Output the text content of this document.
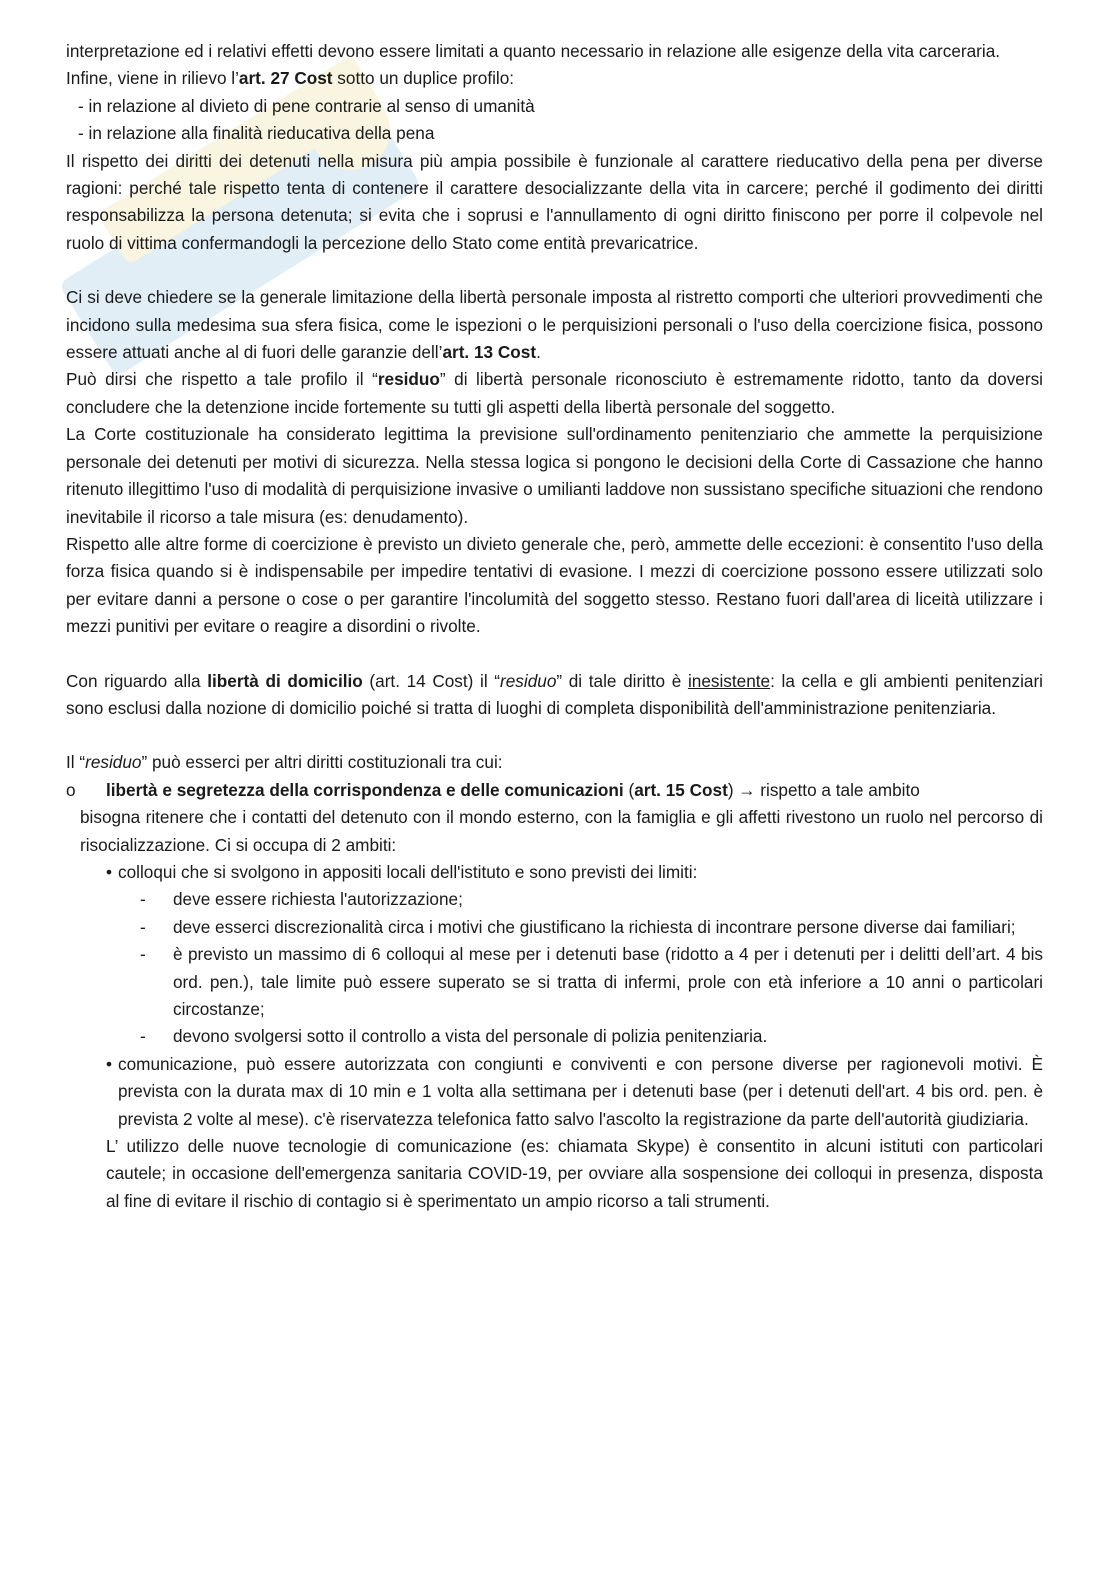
interpretazione ed i relativi effetti devono essere limitati a quanto necessario in relazione alle esigenze della vita carceraria.

Infine, viene in rilievo l’art. 27 Cost sotto un duplice profilo:

- in relazione al divieto di pene contrarie al senso di umanità
- in relazione alla finalità rieducativa della pena

Il rispetto dei diritti dei detenuti nella misura più ampia possibile è funzionale al carattere rieducativo della pena per diverse ragioni: perché tale rispetto tenta di contenere il carattere desocializzante della vita in carcere; perché il godimento dei diritti responsabilizza la persona detenuta; si evita che i soprusi e l'annullamento di ogni diritto finiscono per porre il colpevole nel ruolo di vittima confermandogli la percezione dello Stato come entità prevaricatrice.

Ci si deve chiedere se la generale limitazione della libertà personale imposta al ristretto comporti che ulteriori provvedimenti che incidono sulla medesima sua sfera fisica, come le ispezioni o le perquisizioni personali o l'uso della coercizione fisica, possono essere attuati anche al di fuori delle garanzie dell’art. 13 Cost.

Può dirsi che rispetto a tale profilo il “residuo” di libertà personale riconosciuto è estremamente ridotto, tanto da doversi concludere che la detenzione incide fortemente su tutti gli aspetti della libertà personale del soggetto.

La Corte costituzionale ha considerato legittima la previsione sull'ordinamento penitenziario che ammette la perquisizione personale dei detenuti per motivi di sicurezza. Nella stessa logica si pongono le decisioni della Corte di Cassazione che hanno ritenuto illegittimo l'uso di modalità di perquisizione invasive o umilianti laddove non sussistano specifiche situazioni che rendono inevitabile il ricorso a tale misura (es: denudamento).

Rispetto alle altre forme di coercizione è previsto un divieto generale che, però, ammette delle eccezioni: è consentito l'uso della forza fisica quando si è indispensabile per impedire tentativi di evasione. I mezzi di coercizione possono essere utilizzati solo per evitare danni a persone o cose o per garantire l'incolumità del soggetto stesso. Restano fuori dall'area di liceità utilizzare i mezzi punitivi per evitare o reagire a disordini o rivolte.

Con riguardo alla libertà di domicilio (art. 14 Cost) il “residuo” di tale diritto è inesistente: la cella e gli ambienti penitenziari sono esclusi dalla nozione di domicilio poiché si tratta di luoghi di completa disponibilità dell'amministrazione penitenziaria.

Il “residuo” può esserci per altri diritti costituzionali tra cui:

o	libertà e segretezza della corrispondenza e delle comunicazioni (art. 15 Cost) → rispetto a tale ambito

bisogna ritenere che i contatti del detenuto con il mondo esterno, con la famiglia e gli affetti rivestono un ruolo nel percorso di risocializzazione. Ci si occupa di 2 ambiti:

• colloqui che si svolgono in appositi locali dell'istituto e sono previsti dei limiti:
-	deve essere richiesta l'autorizzazione;

-	deve esserci discrezionalità circa i motivi che giustificano la richiesta di incontrare persone diverse dai familiari;

-	è previsto un massimo di 6 colloqui al mese per i detenuti base (ridotto a 4 per i detenuti per i delitti dell’art. 4 bis ord. pen.), tale limite può essere superato se si tratta di infermi, prole con età inferiore a 10 anni o particolari circostanze;

-	devono svolgersi sotto il controllo a vista del personale di polizia penitenziaria.

• comunicazione, può essere autorizzata con congiunti e conviventi e con persone diverse per ragionevoli motivi. È prevista con la durata max di 10 min e 1 volta alla settimana per i detenuti base (per i detenuti dell'art. 4 bis ord. pen. è prevista 2 volte al mese). c'è riservatezza telefonica fatto salvo l'ascolto la registrazione da parte dell'autorità giudiziaria.

L’ utilizzo delle nuove tecnologie di comunicazione (es: chiamata Skype) è consentito in alcuni istituti con particolari cautele; in occasione dell'emergenza sanitaria COVID-19, per ovviare alla sospensione dei colloqui in presenza, disposta al fine di evitare il rischio di contagio si è sperimentato un ampio ricorso a tali strumenti.
